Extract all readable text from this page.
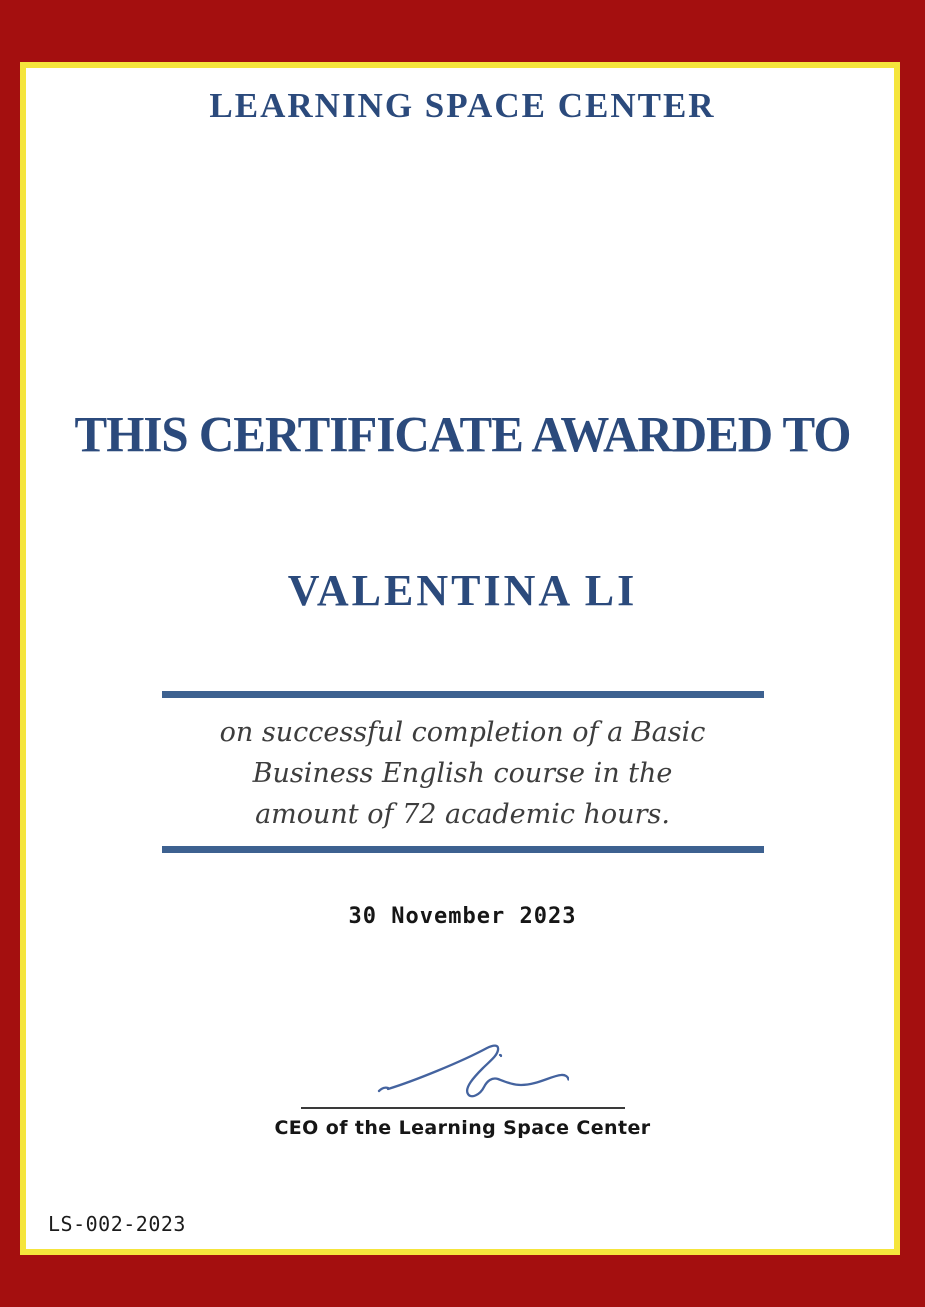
LEARNING SPACE CENTER
THIS CERTIFICATE AWARDED TO
VALENTINA LI
on successful completion of a Basic
Business English course in the
amount of 72 academic hours.
30 November 2023
CEO of the Learning Space Center
LS-002-2023
